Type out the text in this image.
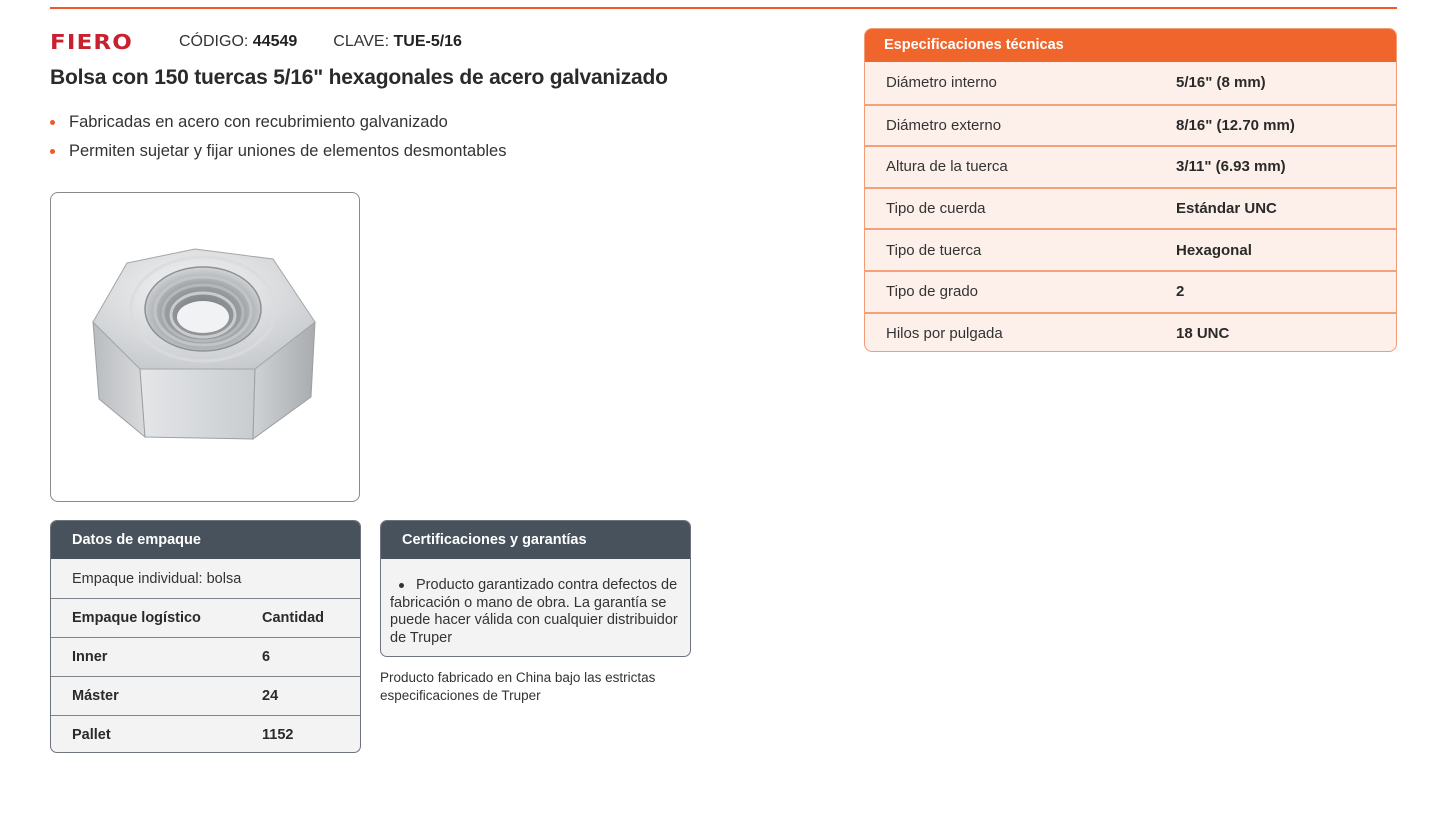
FIERO	CÓDIGO: 44549 CLAVE: TUE-5/16
Bolsa con 150 tuercas 5/16" hexagonales de acero galvanizado
Fabricadas en acero con recubrimiento galvanizado
Permiten sujetar y fijar uniones de elementos desmontables
Datos de empaque
Empaque individual: bolsa
Empaque logístico	Cantidad
Inner	6
Máster	24
Pallet	1152
Certificaciones y garantías
Producto garantizado contra defectos de fabricación o mano de obra. La garantía se puede hacer válida con cualquier distribuidor de Truper

Producto fabricado en China bajo las estrictas especificaciones de Truper

Especificaciones técnicas
Diámetro interno	5/16" (8 mm)
Diámetro externo	8/16" (12.70 mm)
Altura de la tuerca	3/11" (6.93 mm)
Tipo de cuerda	Estándar UNC
Tipo de tuerca	Hexagonal
Tipo de grado	2
Hilos por pulgada	18 UNC
